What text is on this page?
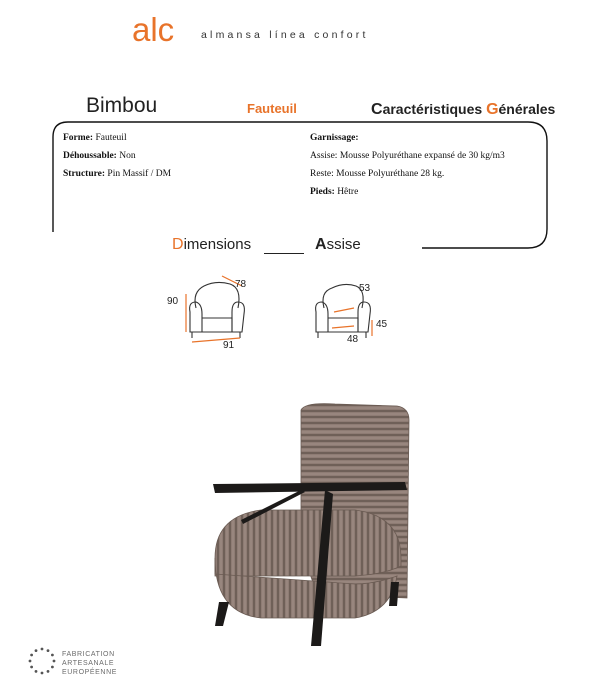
alc	almansa línea confort
Bimbou	Fauteuil	Caractéristiques Générales
Forme: Fauteuil
Déhoussable: Non
Structure: Pin Massif / DM
Garnissage:
Assise: Mousse Polyuréthane expansé de 30 kg/m3
Reste: Mousse Polyuréthane 28 kg.
Pieds: Hêtre
Dimensions	Assise
90
78
91
53
45
48
FABRICATION
ARTESANALE
EUROPÉENNE
